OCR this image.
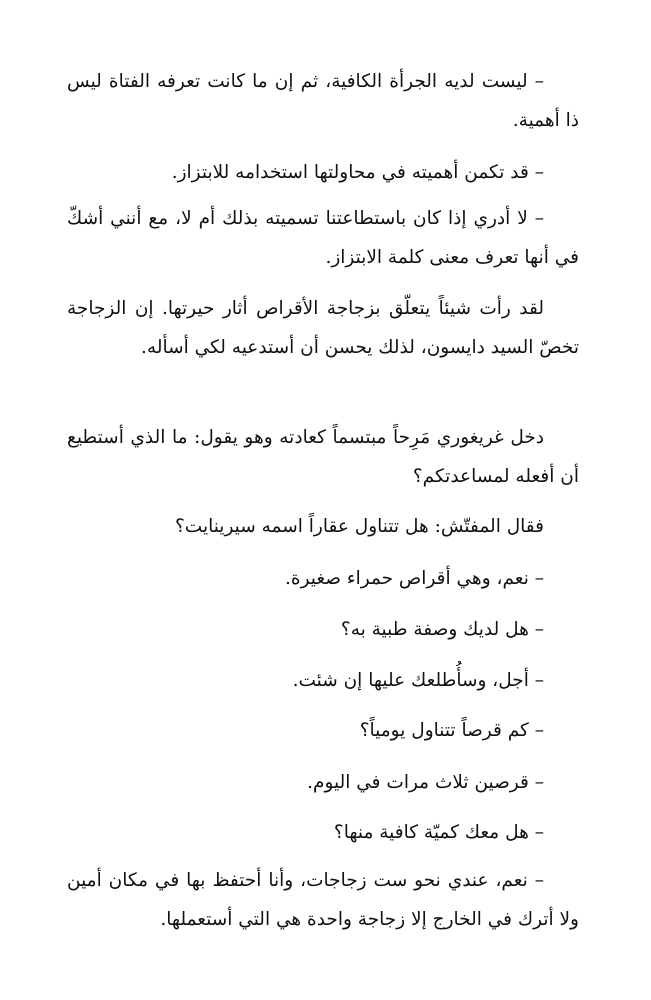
– ليست لديه الجرأة الكافية، ثم إن ما كانت تعرفه الفتاة ليس ذا أهمية.

– قد تكمن أهميته في محاولتها استخدامه للابتزاز.

– لا أدري إذا كان باستطاعتنا تسميته بذلك أم لا، مع أنني أشكّ في أنها تعرف معنى كلمة الابتزاز.

لقد رأت شيئاً يتعلّق بزجاجة الأقراص أثار حيرتها. إن الزجاجة تخصّ السيد دايسون، لذلك يحسن أن أستدعيه لكي أسأله.

دخل غريغوري مَرِحاً مبتسماً كعادته وهو يقول: ما الذي أستطيع أن أفعله لمساعدتكم؟

فقال المفتّش: هل تتناول عقاراً اسمه سيرينايت؟

– نعم، وهي أقراص حمراء صغيرة.

– هل لديك وصفة طبية به؟

– أجل، وسأُطلعك عليها إن شئت.

– كم قرصاً تتناول يومياً؟

– قرصين ثلاث مرات في اليوم.

– هل معك كميّة كافية منها؟

– نعم، عندي نحو ست زجاجات، وأنا أحتفظ بها في مكان أمين ولا أترك في الخارج إلا زجاجة واحدة هي التي أستعملها.
